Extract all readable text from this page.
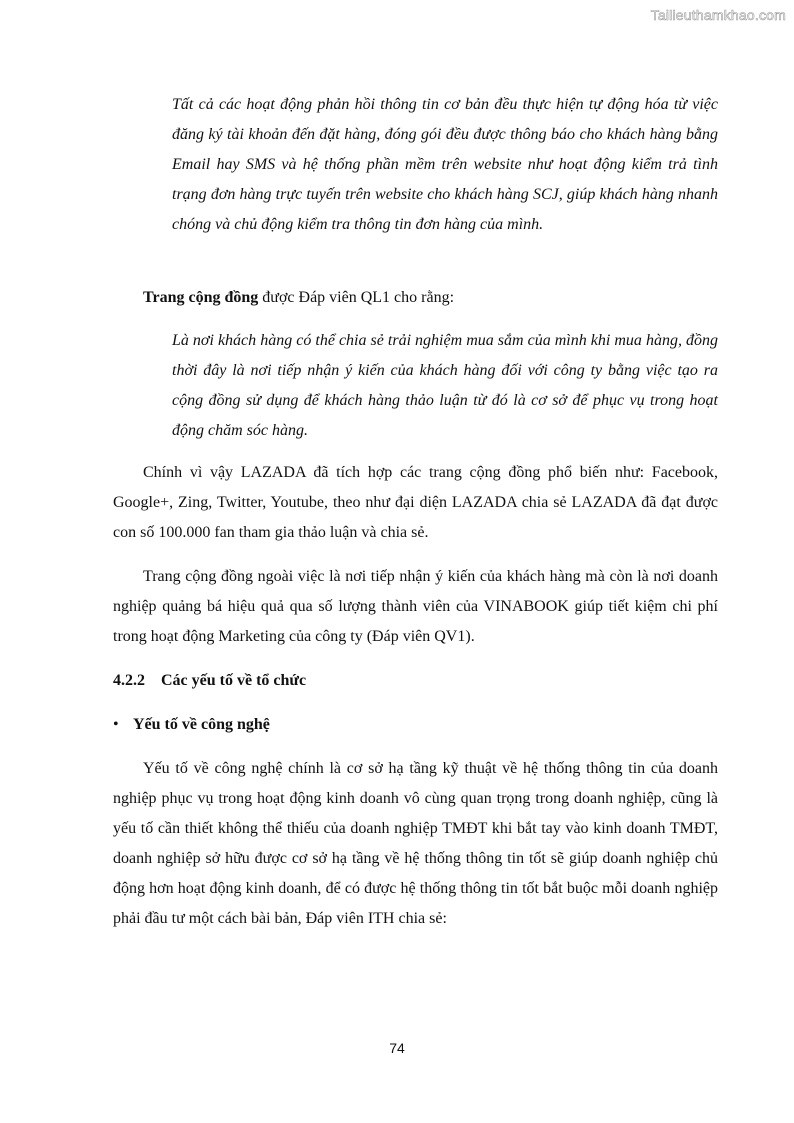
Tailieuthamkhao.com

Tất cả các hoạt động phản hồi thông tin cơ bản đều thực hiện tự động hóa từ việc đăng ký tài khoản đến đặt hàng, đóng gói đều được thông báo cho khách hàng bằng Email hay SMS và hệ thống phần mềm trên website như hoạt động kiểm trả tình trạng đơn hàng trực tuyến trên website cho khách hàng SCJ, giúp khách hàng nhanh chóng và chủ động kiểm tra thông tin đơn hàng của mình.

Trang cộng đồng được Đáp viên QL1 cho rằng:

Là nơi khách hàng có thể chia sẻ trải nghiệm mua sắm của mình khi mua hàng, đồng thời đây là nơi tiếp nhận ý kiến của khách hàng đối với công ty bằng việc tạo ra cộng đồng sử dụng để khách hàng thảo luận từ đó là cơ sở để phục vụ trong hoạt động chăm sóc hàng.

Chính vì vậy LAZADA đã tích hợp các trang cộng đồng phổ biến như: Facebook, Google+, Zing, Twitter, Youtube, theo như đại diện LAZADA chia sẻ LAZADA đã đạt được con số 100.000 fan tham gia thảo luận và chia sẻ.

Trang cộng đồng ngoài việc là nơi tiếp nhận ý kiến của khách hàng mà còn là nơi doanh nghiệp quảng bá hiệu quả qua số lượng thành viên của VINABOOK giúp tiết kiệm chi phí trong hoạt động Marketing của công ty (Đáp viên QV1).

4.2.2 Các yếu tố về tổ chức
• Yếu tố về công nghệ

Yếu tố về công nghệ chính là cơ sở hạ tầng kỹ thuật về hệ thống thông tin của doanh nghiệp phục vụ trong hoạt động kinh doanh vô cùng quan trọng trong doanh nghiệp, cũng là yếu tố cần thiết không thể thiếu của doanh nghiệp TMĐT khi bắt tay vào kinh doanh TMĐT, doanh nghiệp sở hữu được cơ sở hạ tầng về hệ thống thông tin tốt sẽ giúp doanh nghiệp chủ động hơn hoạt động kinh doanh, để có được hệ thống thông tin tốt bắt buộc mỗi doanh nghiệp phải đầu tư một cách bài bản, Đáp viên ITH chia sẻ:

74
